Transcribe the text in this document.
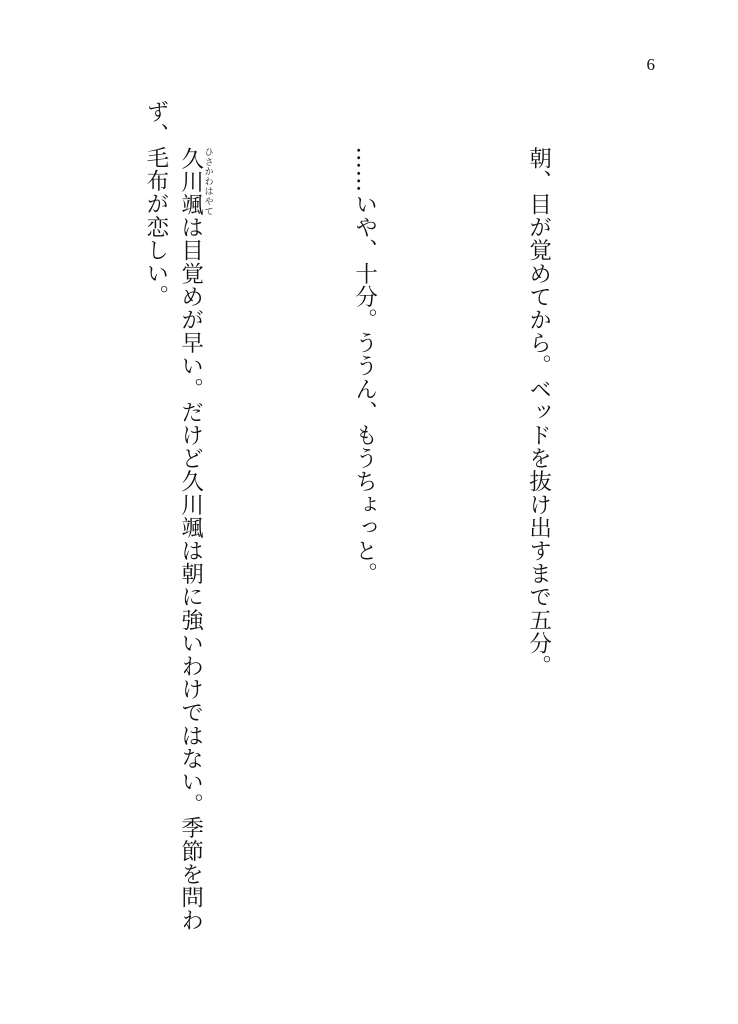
6

朝、目が覚めてから。ベッドを抜け出すまで五分。

……いや、十分。ううん、もうちょっと。

久川颯 ひさかわはやては目覚めが早い。だけど久川颯は朝に強いわけではない。季節を問わず、毛布が恋しい。
